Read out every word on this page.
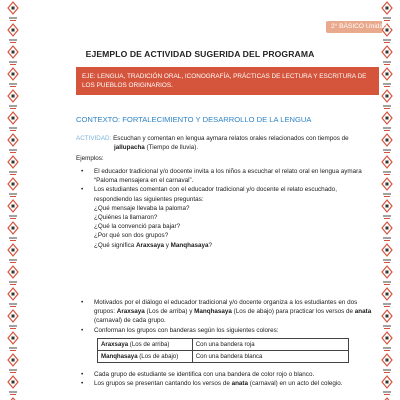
2° BÁSICO Unidad 1
EJEMPLO DE ACTIVIDAD SUGERIDA DEL PROGRAMA

EJE: LENGUA, TRADICIÓN ORAL, ICONOGRAFÍA, PRÁCTICAS DE LECTURA Y ESCRITURA DE LOS PUEBLOS ORIGINARIOS.

CONTEXTO: FORTALECIMIENTO Y DESARROLLO DE LA LENGUA
ACTIVIDAD: Escuchan y comentan en lengua aymara relatos orales relacionados con tiempos de
jallupacha (Tiempo de lluvia).
Ejemplos:
• El educador tradicional y/o docente invita a los niños a escuchar el relato oral en lengua aymara “Paloma mensajera en el carnaval”.
• Los estudiantes comentan con el educador tradicional y/o docente el relato escuchado, respondiendo las siguientes preguntas:
¿Qué mensaje llevaba la paloma?
¿Quiénes la llamaron?
¿Qué la convenció para bajar?
¿Por qué son dos grupos?
¿Qué significa Araxsaya y Manqhasaya?
• Motivados por el diálogo el educador tradicional y/o docente organiza a los estudiantes en dos grupos: Araxsaya (Los de arriba) y Manqhasaya (Los de abajo) para practicar los versos de anata (carnaval) de cada grupo.
• Conforman los grupos con banderas según los siguientes colores:
Araxsaya (Los de arriba)	Con una bandera roja
Manqhasaya (Los de abajo)	Con una bandera blanca
• Cada grupo de estudiante se identifica con una bandera de color rojo o blanco.
• Los grupos se presentan cantando los versos de anata (carnaval) en un acto del colegio.
